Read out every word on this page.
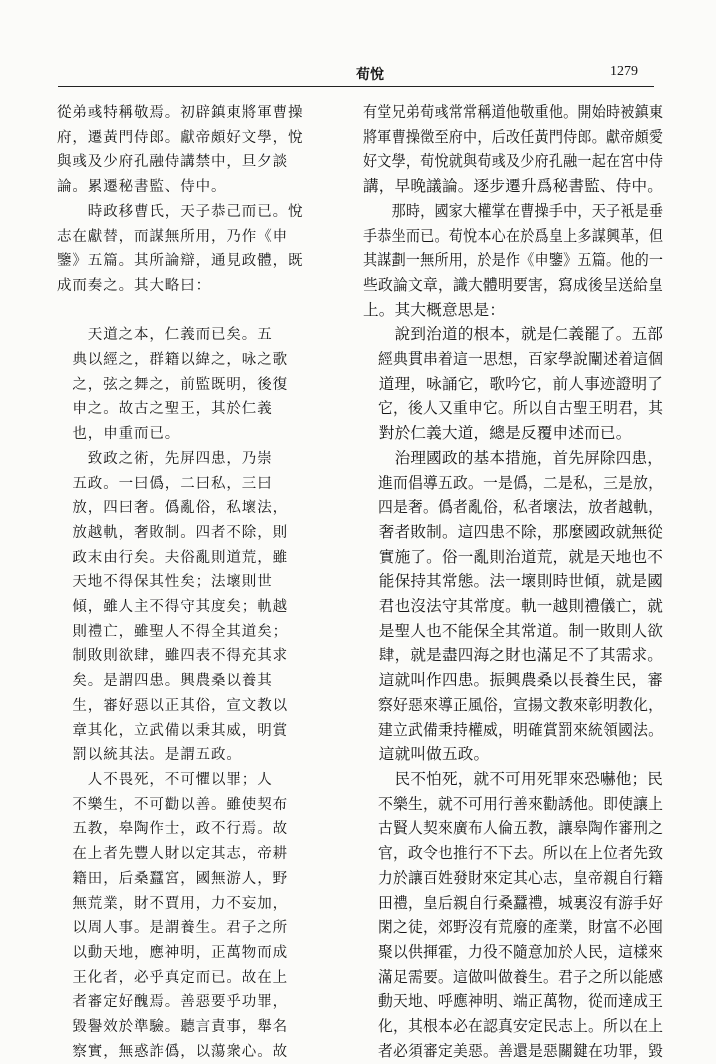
荀悅	1279
從弟彧特稱敬焉。初辟鎮東將軍曹操
府，遷黃門侍郎。獻帝頗好文學，悅
與彧及少府孔融侍講禁中，旦夕談
論。累遷秘書監、侍中。
　　時政移曹氏，天子恭己而已。悅
志在獻替，而謀無所用，乃作《申
鑒》五篇。其所論辯，通見政體，既
成而奏之。其大略曰：

　　天道之本，仁義而已矣。五
　典以經之，群籍以緯之，咏之歌
　之，弦之舞之，前監既明，後復
　申之。故古之聖王，其於仁義
　也，申重而已。
　　致政之術，先屏四患，乃崇
　五政。一曰僞，二曰私，三曰
　放，四曰奢。僞亂俗，私壞法，
　放越軌，奢敗制。四者不除，則
　政末由行矣。夫俗亂則道荒，雖
　天地不得保其性矣；法壞則世
　傾，雖人主不得守其度矣；軌越
　則禮亡，雖聖人不得全其道矣；
　制敗則欲肆，雖四表不得充其求
　矣。是謂四患。興農桑以養其
　生，審好惡以正其俗，宣文教以
　章其化，立武備以秉其威，明賞
　罰以統其法。是謂五政。
　　人不畏死，不可懼以罪；人
　不樂生，不可勸以善。雖使契布
　五教，皋陶作士，政不行焉。故
　在上者先豐人財以定其志，帝耕
　籍田，后桑蠶宮，國無游人，野
　無荒業，財不賈用，力不妄加，
　以周人事。是謂養生。君子之所
　以動天地，應神明，正萬物而成
　王化者，必乎真定而已。故在上
　者審定好醜焉。善惡要乎功罪，
　毀譽效於準驗。聽言責事，舉名
　察實，無惑詐僞，以蕩衆心。故
有堂兄弟荀彧常常稱道他敬重他。開始時被鎮東
將軍曹操徵至府中，后改任黃門侍郎。獻帝頗愛
好文學，荀悅就與荀彧及少府孔融一起在宮中侍
講，早晚議論。逐步遷升爲秘書監、侍中。
　　那時，國家大權掌在曹操手中，天子衹是垂
手恭坐而已。荀悅本心在於爲皇上多謀興革，但
其謀劃一無所用，於是作《申鑒》五篇。他的一
些政論文章，識大體明要害，寫成後呈送給皇
上。其大概意思是：
　　說到治道的根本，就是仁義罷了。五部
　經典貫串着這一思想，百家學說闡述着這個
　道理，咏誦它，歌吟它，前人事迹證明了
　它，後人又重申它。所以自古聖王明君，其
　對於仁義大道，總是反覆申述而已。
　　治理國政的基本措施，首先屏除四患，
　進而倡導五政。一是僞，二是私，三是放，
　四是奢。僞者亂俗，私者壞法，放者越軌，
　奢者敗制。這四患不除，那麼國政就無從
　實施了。俗一亂則治道荒，就是天地也不
　能保持其常態。法一壞則時世傾，就是國
　君也沒法守其常度。軌一越則禮儀亡，就
　是聖人也不能保全其常道。制一敗則人欲
　肆，就是盡四海之財也滿足不了其需求。
　這就叫作四患。振興農桑以長養生民，審
　察好惡來導正風俗，宣揚文教來彰明教化，
　建立武備秉持權威，明確賞罰來統領國法。
　這就叫做五政。
　　民不怕死，就不可用死罪來恐嚇他；民
　不樂生，就不可用行善來勸誘他。即使讓上
　古賢人契來廣布人倫五教，讓皋陶作審刑之
　官，政令也推行不下去。所以在上位者先致
　力於讓百姓發財來定其心志，皇帝親自行籍
　田禮，皇后親自行桑蠶禮，城裏沒有游手好
　閑之徒，郊野沒有荒廢的產業，財富不必囤
　聚以供揮霍，力役不隨意加於人民，這樣來
　滿足需要。這做叫做養生。君子之所以能感
　動天地、呼應神明、端正萬物，從而達成王
　化，其根本必在認真安定民志上。所以在上
　者必須審定美惡。善還是惡關鍵在功罪，毀
